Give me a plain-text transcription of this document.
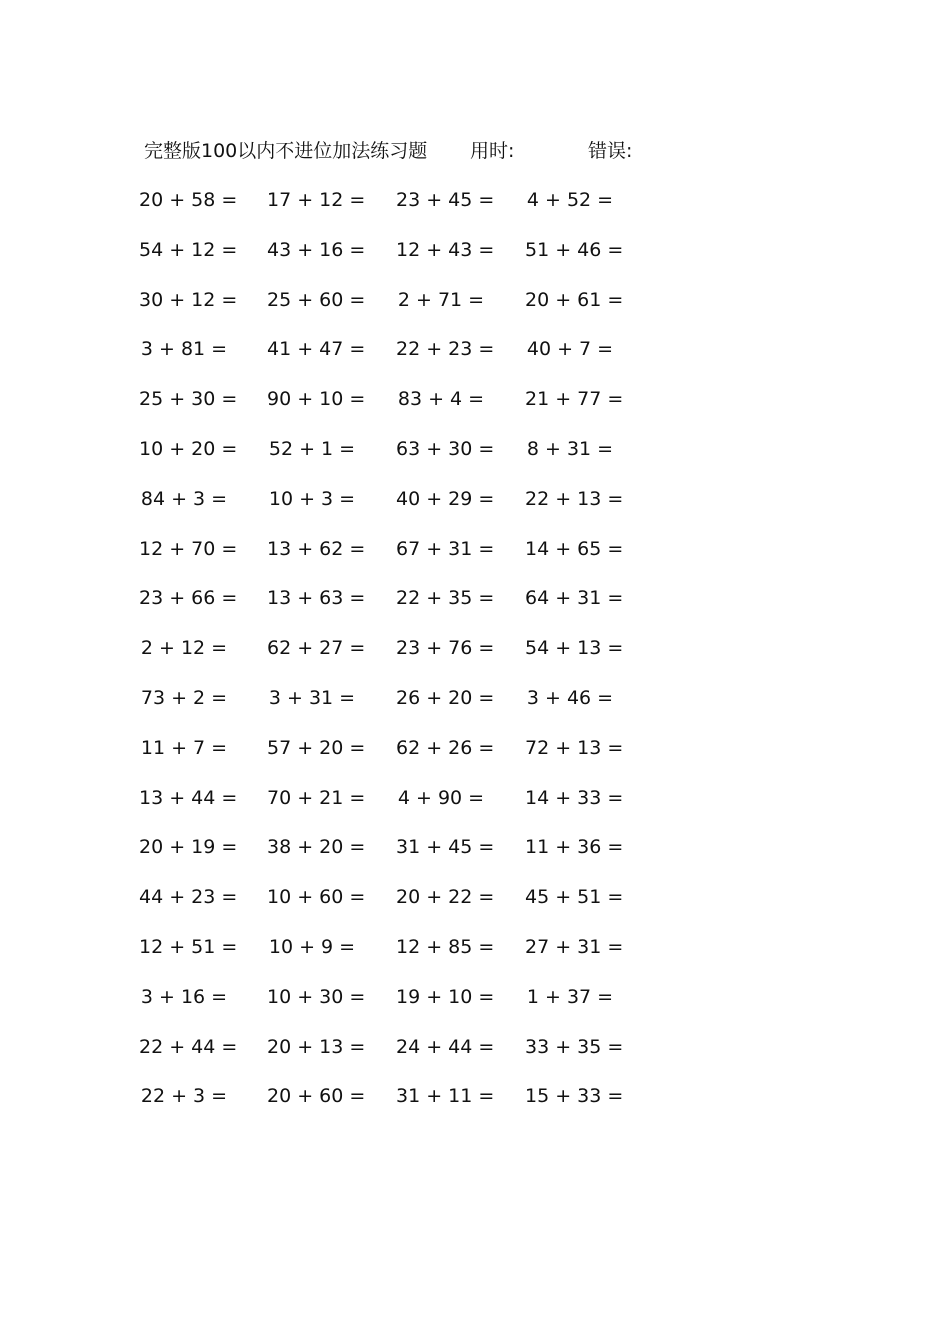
完整版100以内不进位加法练习题 用时:	错误:
20 + 58 = 17 + 12 = 23 + 45 = 4 + 52 =
54 + 12 = 43 + 16 = 12 + 43 = 51 + 46 =
30 + 12 = 25 + 60 = 2 + 71 = 20 + 61 =
3 + 81 = 41 + 47 = 22 + 23 = 40 + 7 =
25 + 30 = 90 + 10 = 83 + 4 = 21 + 77 =
10 + 20 = 52 + 1 = 63 + 30 = 8 + 31 =
84 + 3 = 10 + 3 = 40 + 29 = 22 + 13 =
12 + 70 = 13 + 62 = 67 + 31 = 14 + 65 =
23 + 66 = 13 + 63 = 22 + 35 = 64 + 31 =
2 + 12 = 62 + 27 = 23 + 76 = 54 + 13 =
73 + 2 = 3 + 31 = 26 + 20 = 3 + 46 =
11 + 7 = 57 + 20 = 62 + 26 = 72 + 13 =
13 + 44 = 70 + 21 = 4 + 90 = 14 + 33 =
20 + 19 = 38 + 20 = 31 + 45 = 11 + 36 =
44 + 23 = 10 + 60 = 20 + 22 = 45 + 51 =
12 + 51 = 10 + 9 = 12 + 85 = 27 + 31 =
3 + 16 = 10 + 30 = 19 + 10 = 1 + 37 =
22 + 44 = 20 + 13 = 24 + 44 = 33 + 35 =
22 + 3 = 20 + 60 = 31 + 11 = 15 + 33 =
